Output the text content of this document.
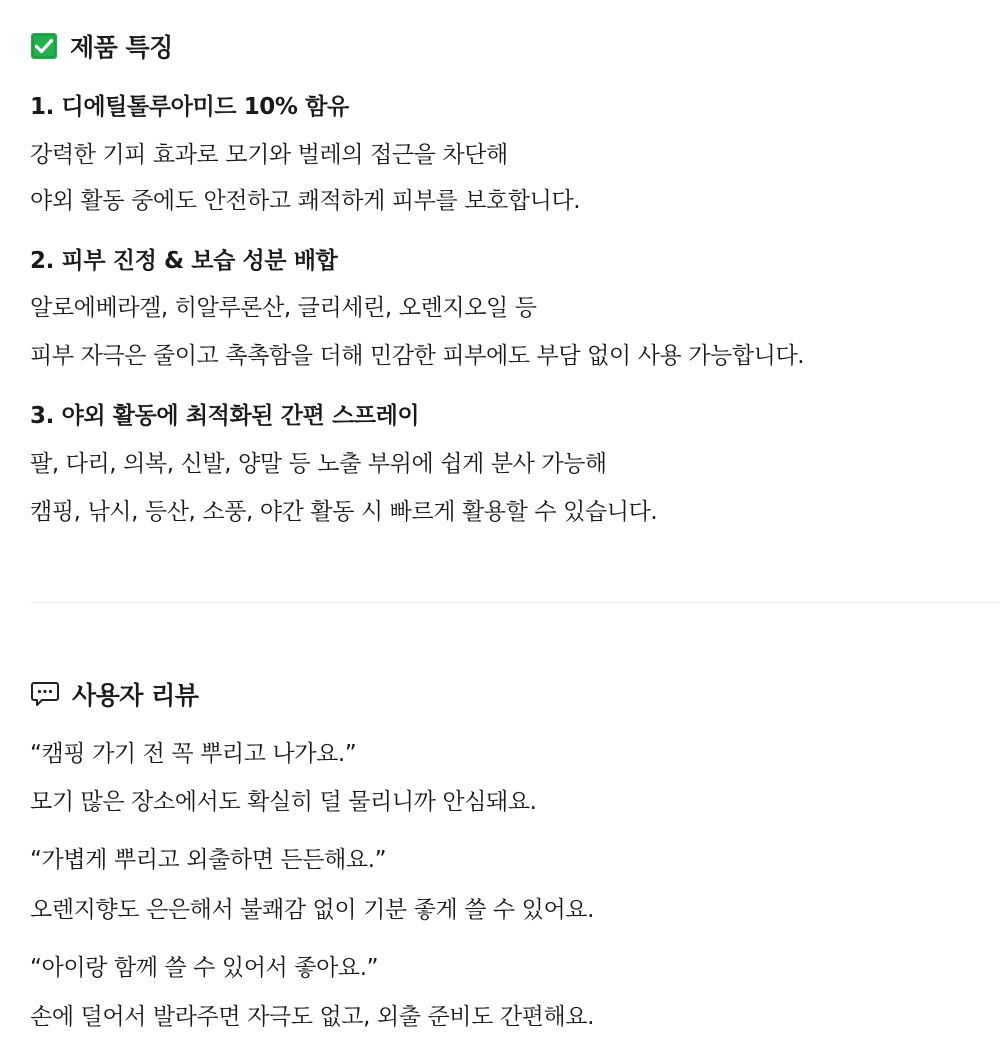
제품 특징
1. 디에틸톨루아미드 10% 함유
강력한 기피 효과로 모기와 벌레의 접근을 차단해
야외 활동 중에도 안전하고 쾌적하게 피부를 보호합니다.
2. 피부 진정 & 보습 성분 배합
알로에베라겔, 히알루론산, 글리세린, 오렌지오일 등
피부 자극은 줄이고 촉촉함을 더해 민감한 피부에도 부담 없이 사용 가능합니다.
3. 야외 활동에 최적화된 간편 스프레이
팔, 다리, 의복, 신발, 양말 등 노출 부위에 쉽게 분사 가능해
캠핑, 낚시, 등산, 소풍, 야간 활동 시 빠르게 활용할 수 있습니다.
사용자 리뷰
“캠핑 가기 전 꼭 뿌리고 나가요.”
모기 많은 장소에서도 확실히 덜 물리니까 안심돼요.
“가볍게 뿌리고 외출하면 든든해요.”
오렌지향도 은은해서 불쾌감 없이 기분 좋게 쓸 수 있어요.
“아이랑 함께 쓸 수 있어서 좋아요.”
손에 덜어서 발라주면 자극도 없고, 외출 준비도 간편해요.
